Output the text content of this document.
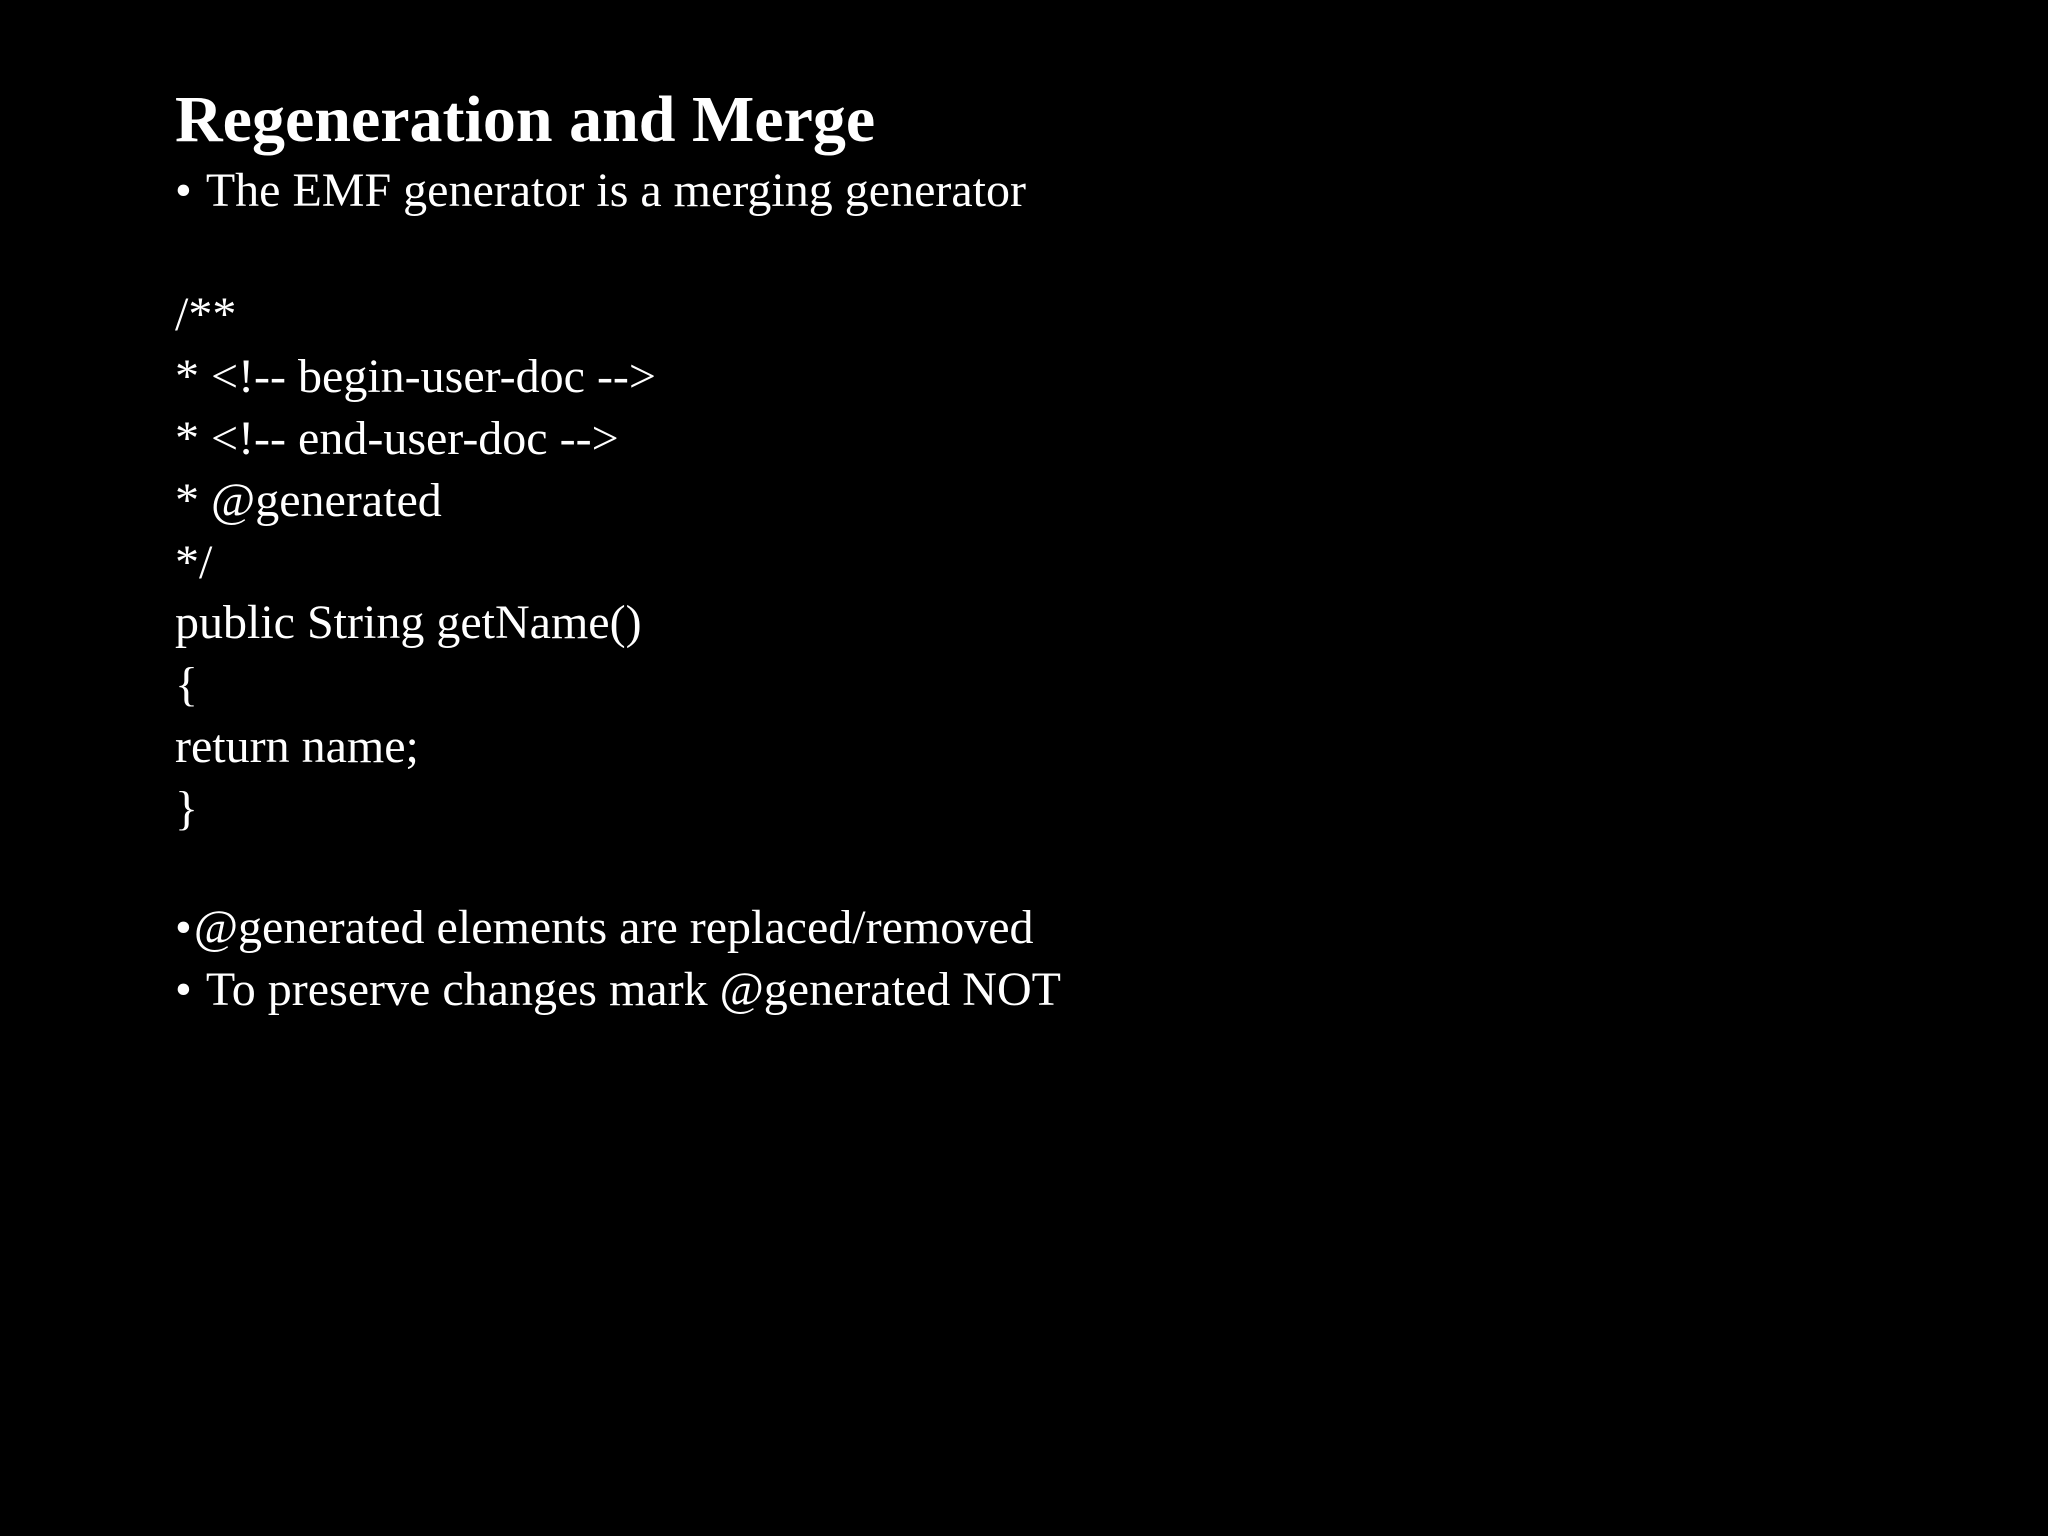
Regeneration and Merge
• The EMF generator is a merging generator
/**
* <!-- begin-user-doc -->
* <!-- end-user-doc -->
* @generated
*/
public String getName()
{
return name;
}
•@generated elements are replaced/removed
• To preserve changes mark @generated NOT
